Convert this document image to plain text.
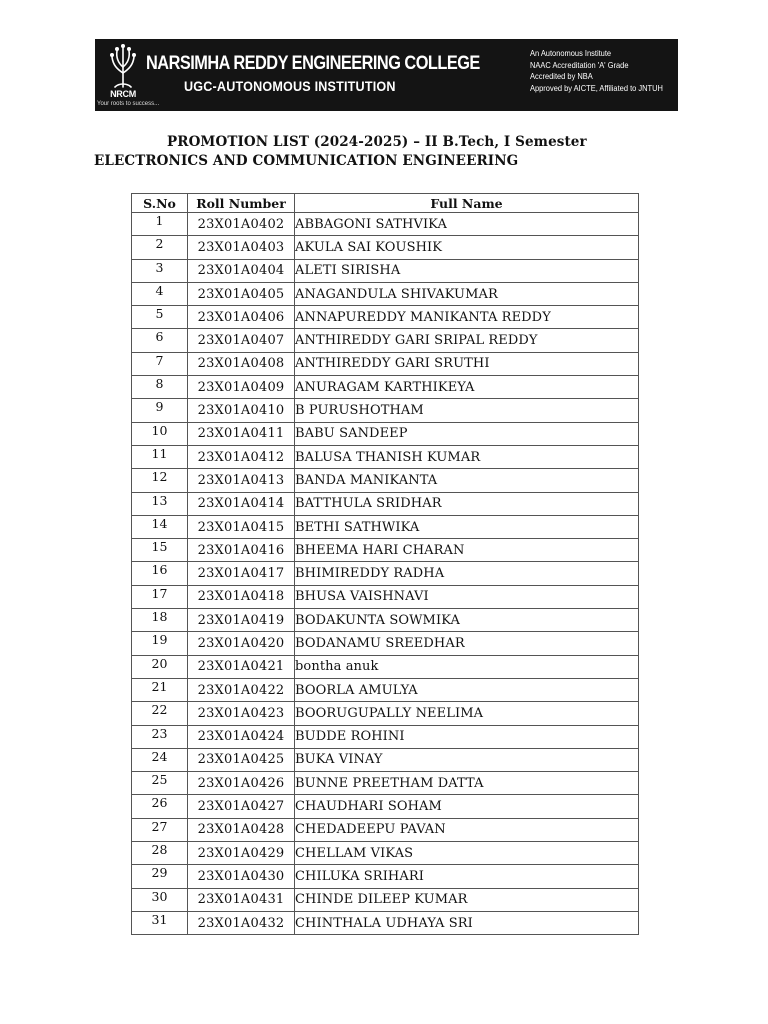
NRCM
Your roots to success...
NARSIMHA REDDY ENGINEERING COLLEGE
UGC-AUTONOMOUS INSTITUTION
An Autonomous Institute
NAAC Accreditation 'A' Grade
Accredited by NBA
Approved by AICTE, Affiliated to JNTUH
PROMOTION LIST (2024-2025) – II B.Tech, I Semester
ELECTRONICS AND COMMUNICATION ENGINEERING
S.No	Roll Number	Full Name
1	23X01A0402	ABBAGONI SATHVIKA
2	23X01A0403	AKULA SAI KOUSHIK
3	23X01A0404	ALETI SIRISHA
4	23X01A0405	ANAGANDULA SHIVAKUMAR
5	23X01A0406	ANNAPUREDDY MANIKANTA REDDY
6	23X01A0407	ANTHIREDDY GARI SRIPAL REDDY
7	23X01A0408	ANTHIREDDY GARI SRUTHI
8	23X01A0409	ANURAGAM KARTHIKEYA
9	23X01A0410	B PURUSHOTHAM
10	23X01A0411	BABU SANDEEP
11	23X01A0412	BALUSA THANISH KUMAR
12	23X01A0413	BANDA MANIKANTA
13	23X01A0414	BATTHULA SRIDHAR
14	23X01A0415	BETHI SATHWIKA
15	23X01A0416	BHEEMA HARI CHARAN
16	23X01A0417	BHIMIREDDY RADHA
17	23X01A0418	BHUSA VAISHNAVI
18	23X01A0419	BODAKUNTA SOWMIKA
19	23X01A0420	BODANAMU SREEDHAR
20	23X01A0421	bontha anuk
21	23X01A0422	BOORLA AMULYA
22	23X01A0423	BOORUGUPALLY NEELIMA
23	23X01A0424	BUDDE ROHINI
24	23X01A0425	BUKA VINAY
25	23X01A0426	BUNNE PREETHAM DATTA
26	23X01A0427	CHAUDHARI SOHAM
27	23X01A0428	CHEDADEEPU PAVAN
28	23X01A0429	CHELLAM VIKAS
29	23X01A0430	CHILUKA SRIHARI
30	23X01A0431	CHINDE DILEEP KUMAR
31	23X01A0432	CHINTHALA UDHAYA SRI
